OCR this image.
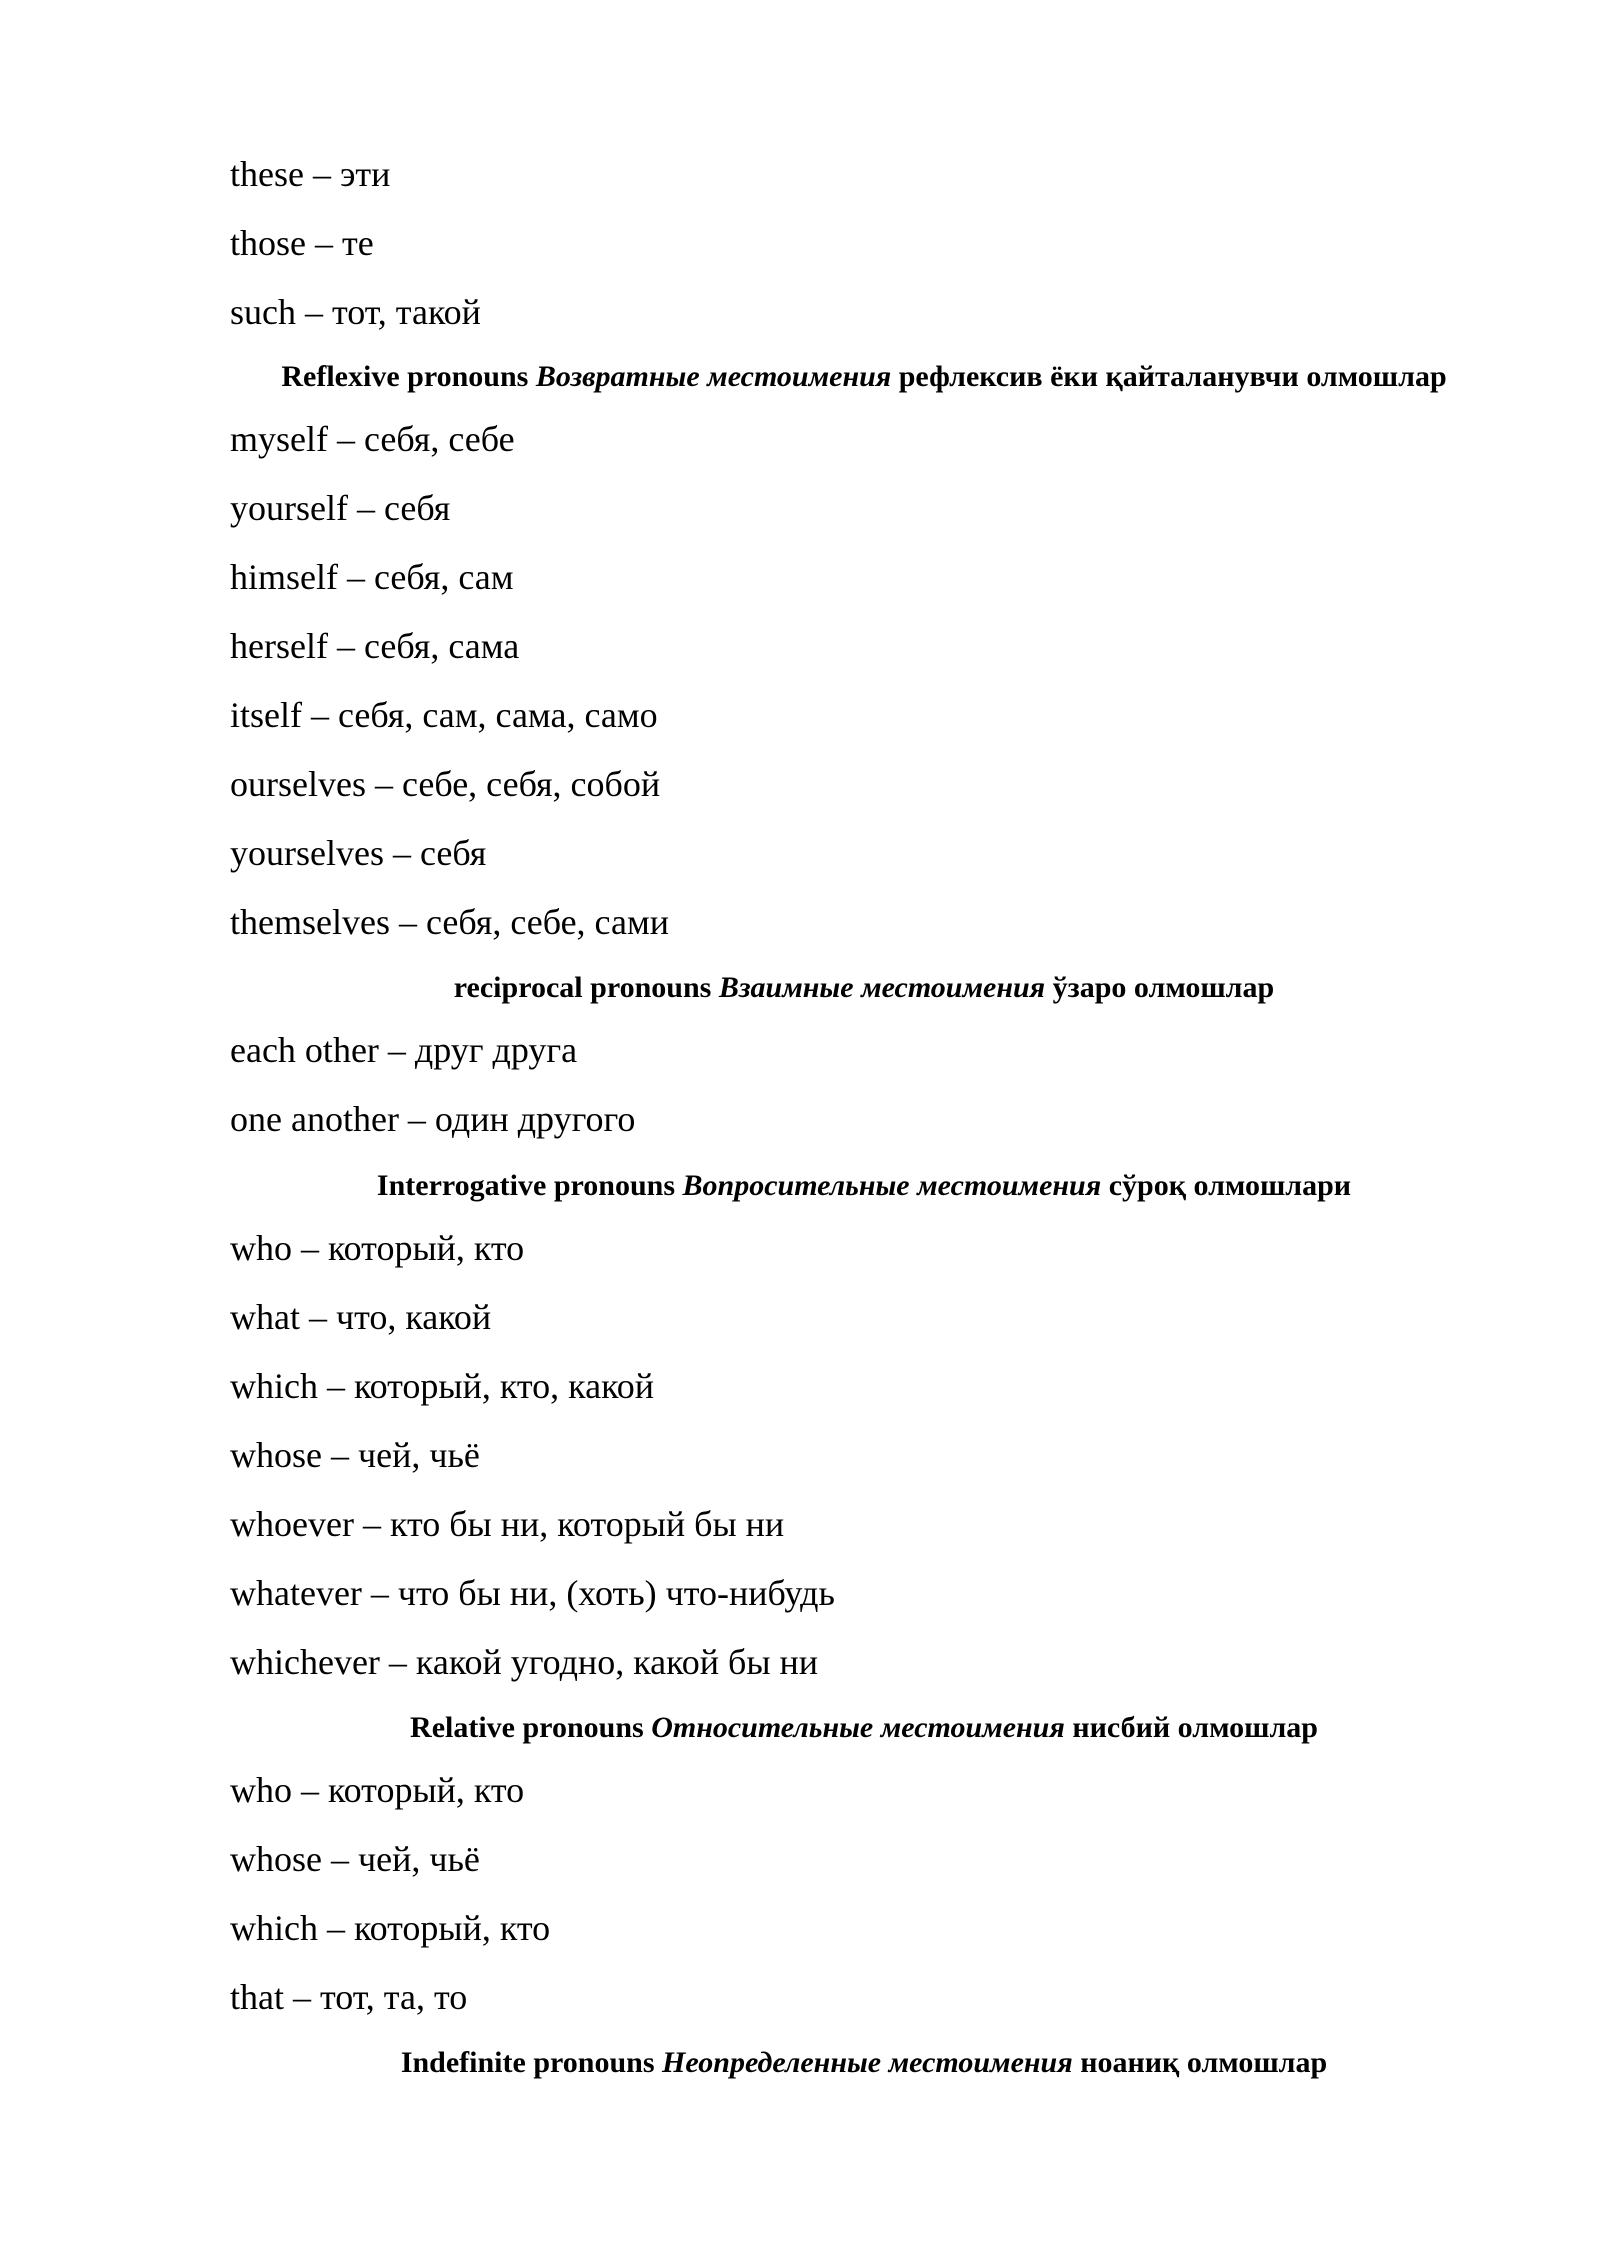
these – эти
those – те
such – тот, такой
Reflexive pronouns Возвратные местоимения рефлексив ёки қайталанувчи олмошлар
myself – себя, себе
yourself – себя
himself – себя, сам
herself – себя, сама
itself – себя, сам, сама, само
ourselves – себе, себя, собой
yourselves – себя
themselves – себя, себе, сами
reciprocal pronouns Взаимные местоимения ўзаро олмошлар
each other – друг друга
one another – один другого
Interrogative pronouns Вопросительные местоимения сўроқ олмошлари
who – который, кто
what – что, какой
which – который, кто, какой
whose – чей, чьё
whoever – кто бы ни, который бы ни
whatever – что бы ни, (хоть) что-нибудь
whichever – какой угодно, какой бы ни
Relative pronouns Относительные местоимения нисбий олмошлар
who – который, кто
whose – чей, чьё
which – который, кто
that – тот, та, то
Indefinite pronouns Неопределенные местоимения ноаниқ олмошлар
